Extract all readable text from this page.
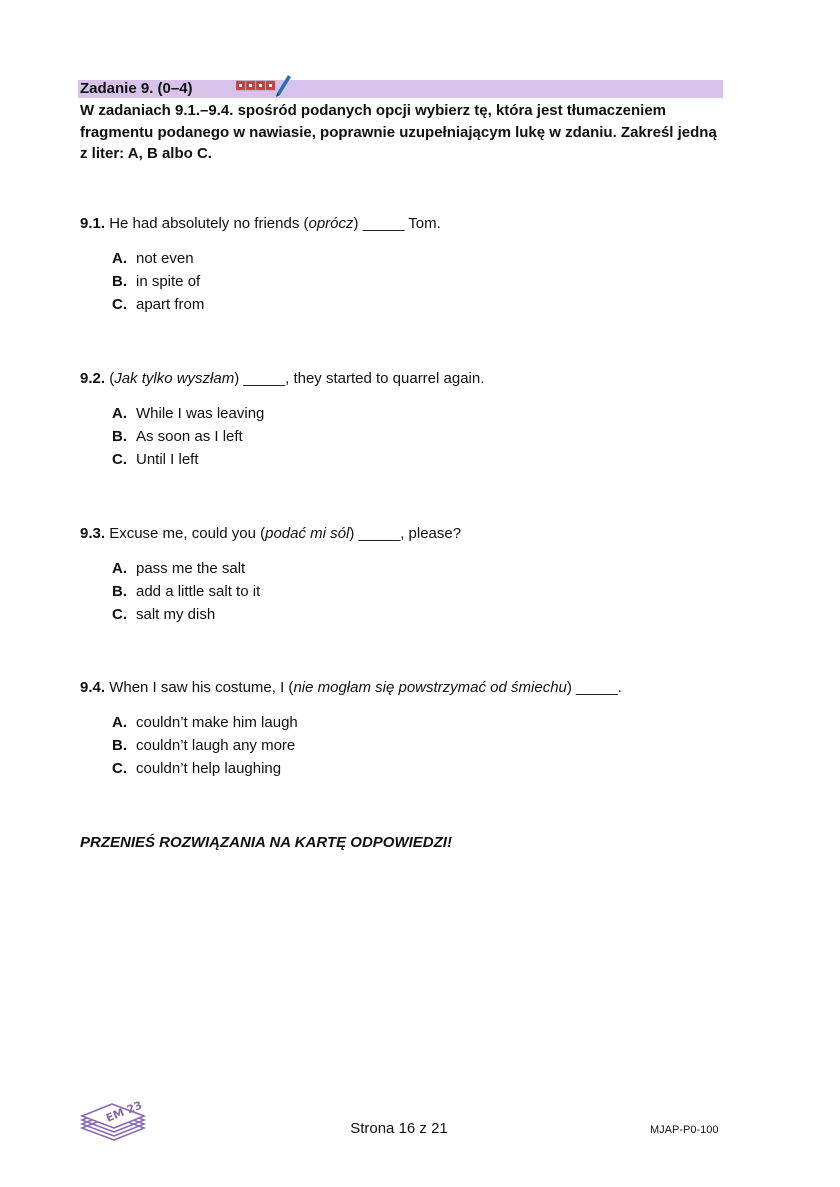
Zadanie 9. (0–4)
W zadaniach 9.1.–9.4. spośród podanych opcji wybierz tę, która jest tłumaczeniem fragmentu podanego w nawiasie, poprawnie uzupełniającym lukę w zdaniu. Zakreśl jedną z liter: A, B albo C.
9.1. He had absolutely no friends (oprócz) _____ Tom.
A. not even
B. in spite of
C. apart from
9.2. (Jak tylko wyszłam) _____, they started to quarrel again.
A. While I was leaving
B. As soon as I left
C. Until I left
9.3. Excuse me, could you (podać mi sól) _____, please?
A. pass me the salt
B. add a little salt to it
C. salt my dish
9.4. When I saw his costume, I (nie mogłam się powstrzymać od śmiechu) _____.
A. couldn’t make him laugh
B. couldn’t laugh any more
C. couldn’t help laughing
PRZENIEŚ ROZWIĄZANIA NA KARTĘ ODPOWIEDZI!
EM 23
Strona 16 z 21	MJAP-P0-100
